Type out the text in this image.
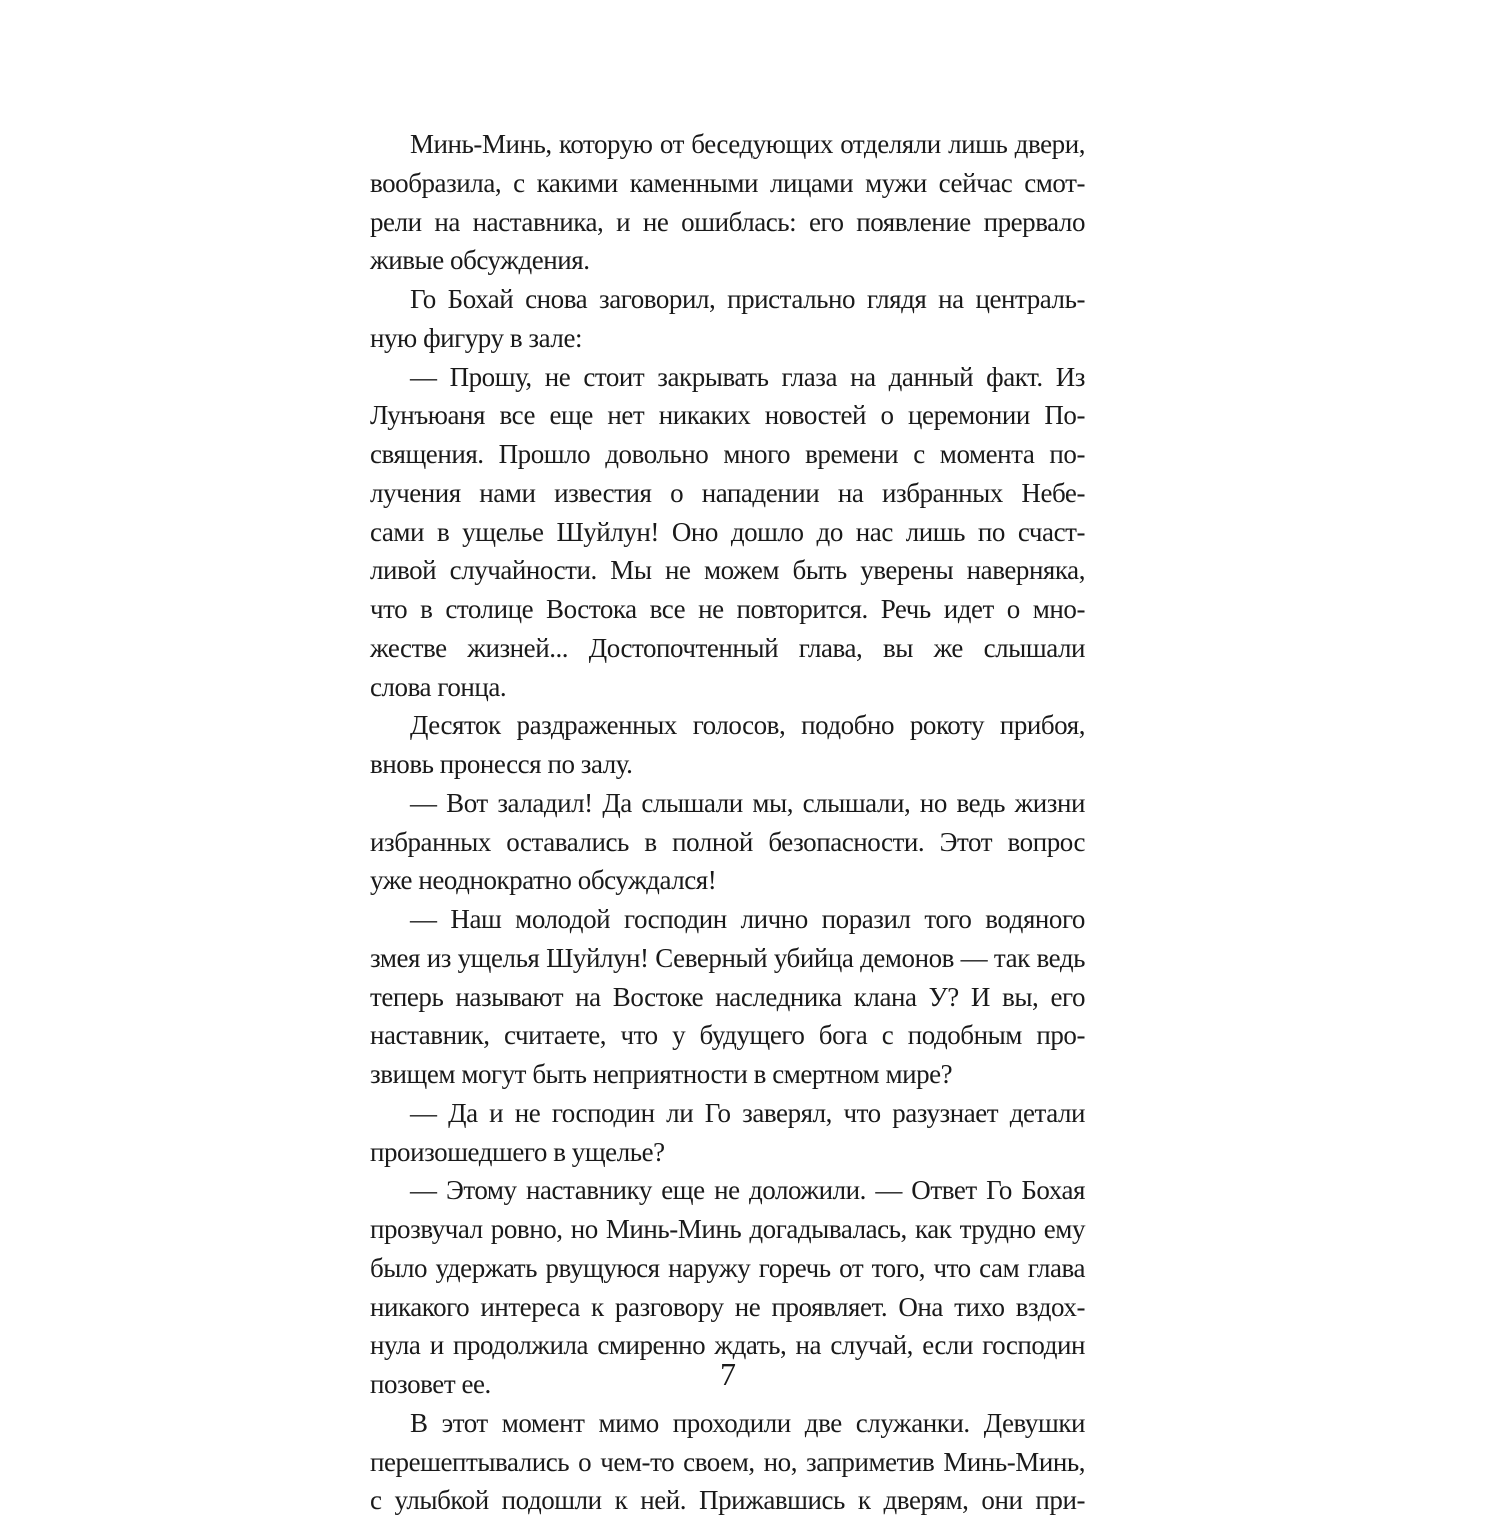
Минь-Минь, которую от беседующих отделяли лишь двери,
вообразила, с какими каменными лицами мужи сейчас смот-
рели на наставника, и не ошиблась: его появление прервало
живые обсуждения.
Го Бохай снова заговорил, пристально глядя на централь-
ную фигуру в зале:
— Прошу, не стоит закрывать глаза на данный факт. Из
Лунъюаня все еще нет никаких новостей о церемонии По-
священия. Прошло довольно много времени с момента по-
лучения нами известия о нападении на избранных Небе-
сами в ущелье Шуйлун! Оно дошло до нас лишь по счаст-
ливой случайности. Мы не можем быть уверены наверняка,
что в столице Востока все не повторится. Речь идет о мно-
жестве жизней... Достопочтенный глава, вы же слышали
слова гонца.
Десяток раздраженных голосов, подобно рокоту прибоя,
вновь пронесся по залу.
— Вот заладил! Да слышали мы, слышали, но ведь жизни
избранных оставались в полной безопасности. Этот вопрос
уже неоднократно обсуждался!
— Наш молодой господин лично поразил того водяного
змея из ущелья Шуйлун! Северный убийца демонов — так ведь
теперь называют на Востоке наследника клана У? И вы, его
наставник, считаете, что у будущего бога с подобным про-
звищем могут быть неприятности в смертном мире?
— Да и не господин ли Го заверял, что разузнает детали
произошедшего в ущелье?
— Этому наставнику еще не доложили. — Ответ Го Бохая
прозвучал ровно, но Минь-Минь догадывалась, как трудно ему
было удержать рвущуюся наружу горечь от того, что сам глава
никакого интереса к разговору не проявляет. Она тихо вздох-
нула и продолжила смиренно ждать, на случай, если господин
позовет ее.
В этот момент мимо проходили две служанки. Девушки
перешептывались о чем-то своем, но, заприметив Минь-Минь,
с улыбкой подошли к ней. Прижавшись к дверям, они при-
7
